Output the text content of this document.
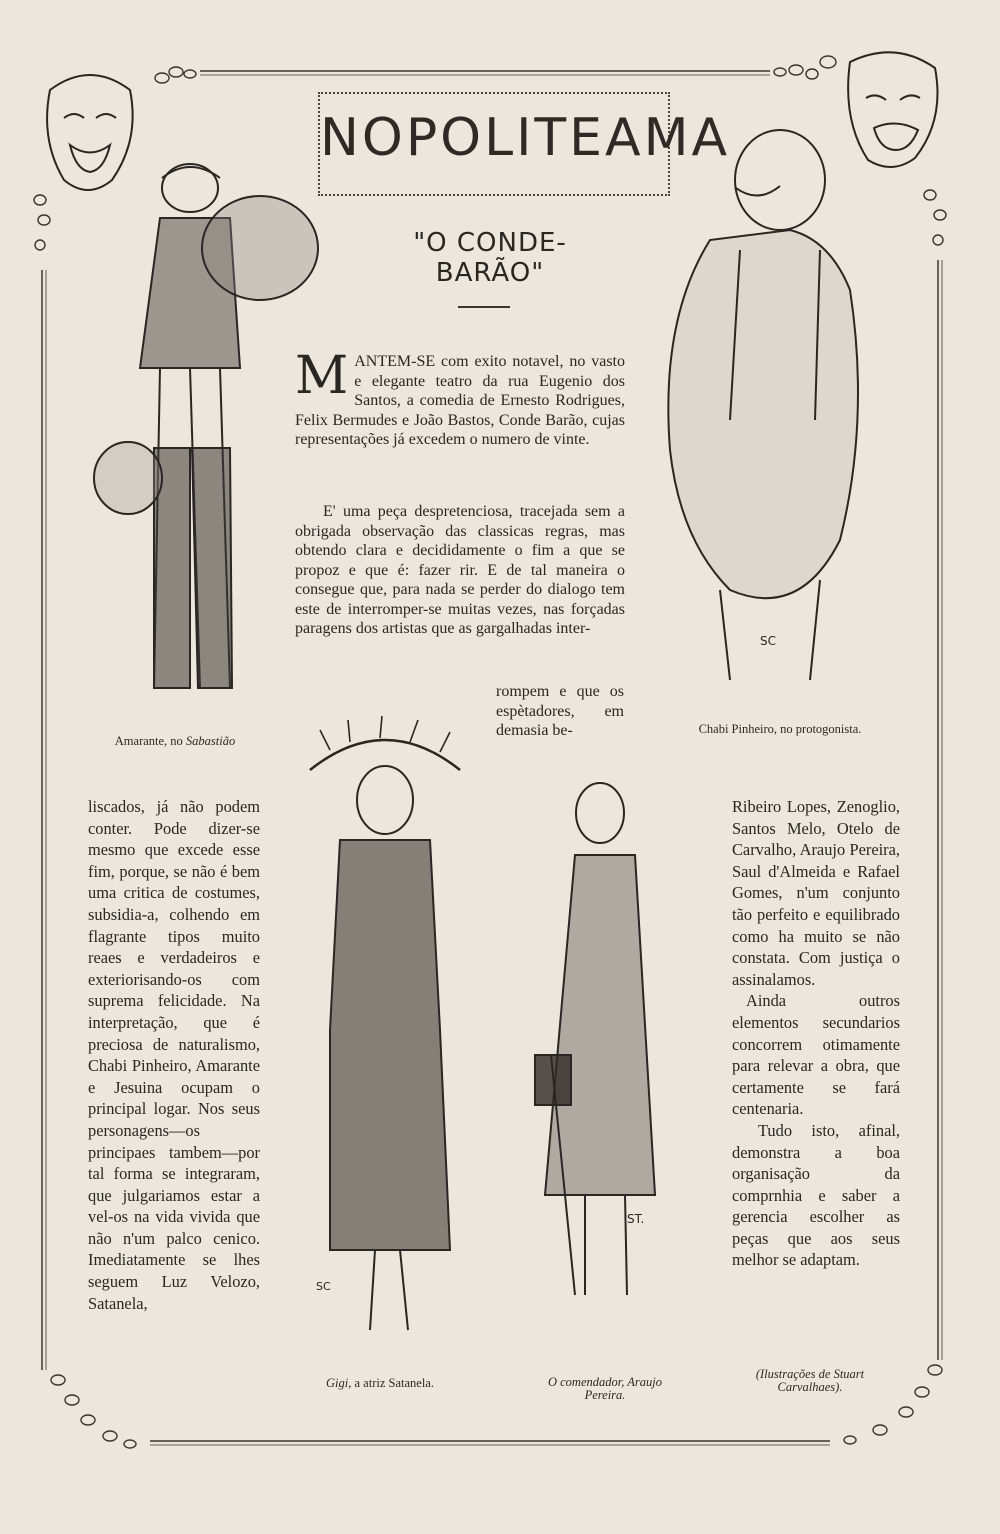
NOPOLITEAMA
"O CONDE-BARÃO"
SC
SC
ST.
Amarante, no Sabastião
Chabi Pinheiro, no protogonista.
Gigi, a atriz Satanela.	O comendador, Araujo Pereira.
(Ilustrações de Stuart Carvalhaes).
M ANTEM-SE com exito notavel, no vasto e elegante teatro da rua Eugenio dos Santos, a comedia de Ernesto Rodrigues, Felix Bermudes e João Bastos, Conde Barão, cujas representações já excedem o numero de vinte.

E' uma peça despretenciosa, tracejada sem a obrigada observação das classicas regras, mas obtendo clara e decididamente o fim a que se propoz e que é: fazer rir. E de tal maneira o consegue que, para nada se perder do dialogo tem este de interromper-se muitas vezes, nas forçadas paragens dos artistas que as gargalhadas inter-

rompem e que os espètadores, em demasia be-

liscados, já não podem conter. Pode dizer-se mesmo que excede esse fim, porque, se não é bem uma critica de costumes, subsidia-a, colhendo em flagrante tipos muito reaes e verdadeiros e exteriorisando-os com suprema felicidade. Na interpretação, que é preciosa de naturalismo, Chabi Pinheiro, Amarante e Jesuina ocupam o principal logar. Nos seus personagens—os principaes tambem—por tal forma se integraram, que julgariamos estar a vel-os na vida vivida que não n'um palco cenico. Imediatamente se lhes seguem Luz Velozo, Satanela,

Ribeiro Lopes, Zenoglio, Santos Melo, Otelo de Carvalho, Araujo Pereira, Saul d'Almeida e Rafael Gomes, n'um conjunto tão perfeito e equilibrado como ha muito se não constata. Com justiça o assinalamos.

Ainda outros elementos secundarios concorrem otimamente para relevar a obra, que certamente se fará centenaria.

Tudo isto, afinal, demonstra a boa organisação da comprnhia e saber a gerencia escolher as peças que aos seus melhor se adaptam.
